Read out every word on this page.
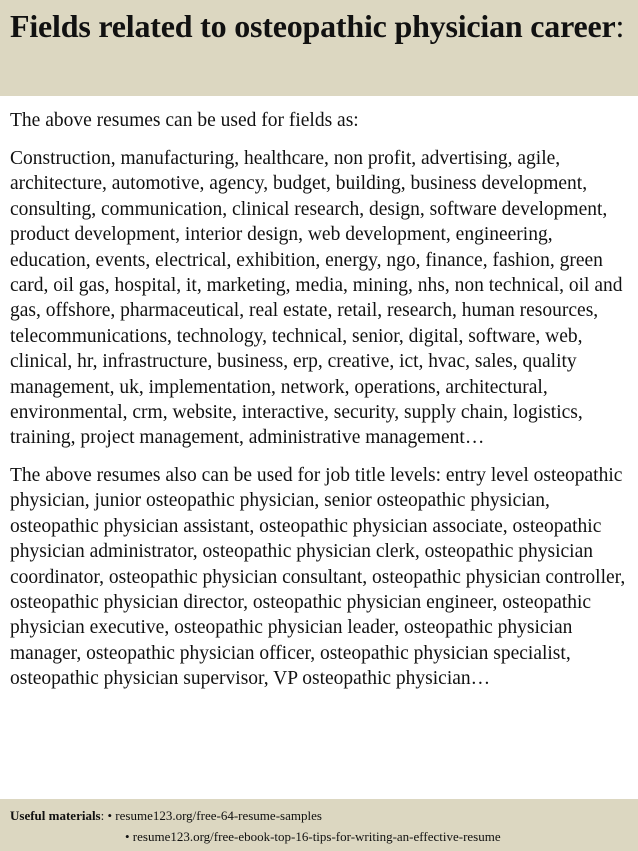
Fields related to osteopathic physician career:

The above resumes can be used for fields as:

Construction, manufacturing, healthcare, non profit, advertising, agile, architecture, automotive, agency, budget, building, business development, consulting, communication, clinical research, design, software development, product development, interior design, web development, engineering, education, events, electrical, exhibition, energy, ngo, finance, fashion, green card, oil gas, hospital, it, marketing, media, mining, nhs, non technical, oil and gas, offshore, pharmaceutical, real estate, retail, research, human resources, telecommunications, technology, technical, senior, digital, software, web, clinical, hr, infrastructure, business, erp, creative, ict, hvac, sales, quality management, uk, implementation, network, operations, architectural, environmental, crm, website, interactive, security, supply chain, logistics, training, project management, administrative management…

The above resumes also can be used for job title levels: entry level osteopathic physician, junior osteopathic physician, senior osteopathic physician, osteopathic physician assistant, osteopathic physician associate, osteopathic physician administrator, osteopathic physician clerk, osteopathic physician coordinator, osteopathic physician consultant, osteopathic physician controller, osteopathic physician director, osteopathic physician engineer, osteopathic physician executive, osteopathic physician leader, osteopathic physician manager, osteopathic physician officer, osteopathic physician specialist, osteopathic physician supervisor, VP osteopathic physician…

Useful materials: • resume123.org/free-64-resume-samples
• resume123.org/free-ebook-top-16-tips-for-writing-an-effective-resume
